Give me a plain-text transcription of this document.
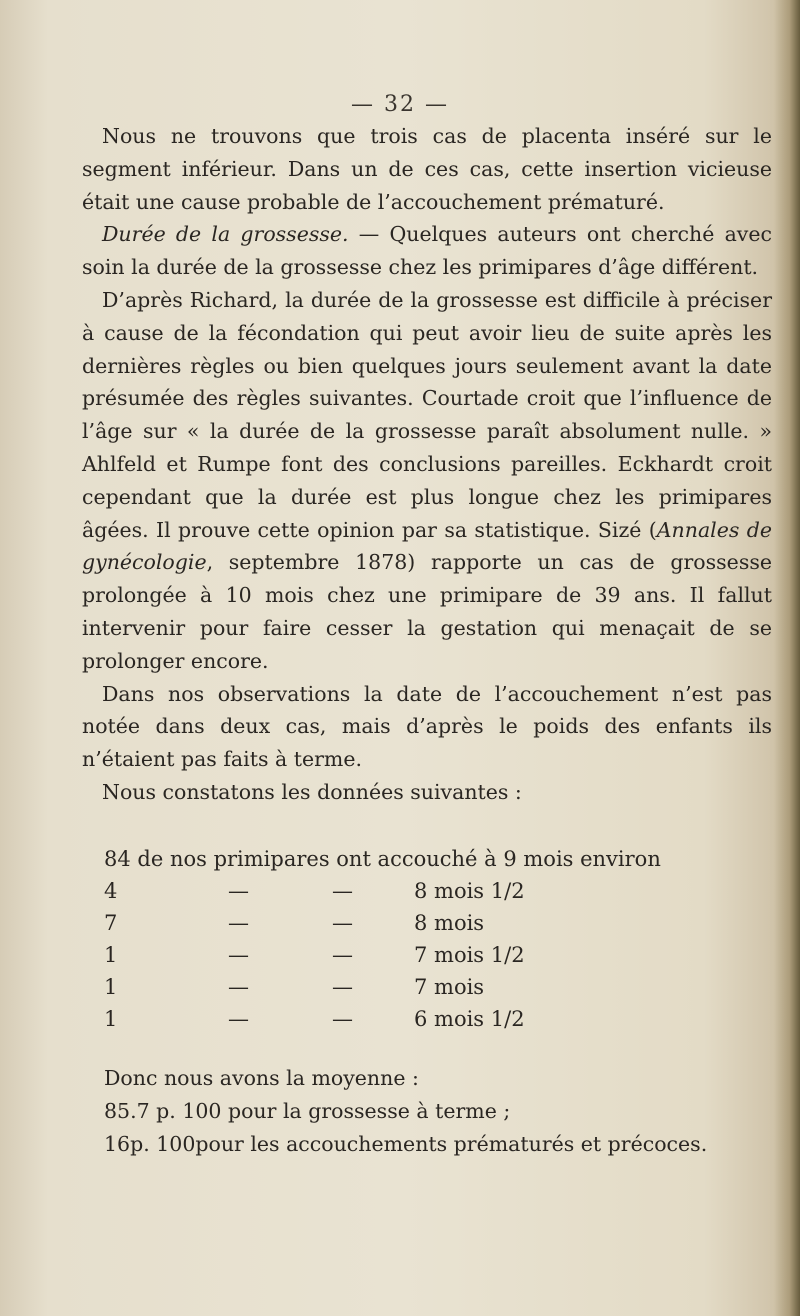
— 32 —

Nous ne trouvons que trois cas de placenta inséré sur le segment inférieur. Dans un de ces cas, cette insertion vicieuse était une cause probable de l’accouchement prématuré.

Durée de la grossesse. — Quelques auteurs ont cherché avec soin la durée de la grossesse chez les primipares d’âge différent.

D’après Richard, la durée de la grossesse est difficile à préciser à cause de la fécondation qui peut avoir lieu de suite après les dernières règles ou bien quelques jours seulement avant la date présumée des règles suivantes. Courtade croit que l’influence de l’âge sur « la durée de la grossesse paraît absolument nulle. » Ahlfeld et Rumpe font des conclusions pareilles. Eckhardt croit cependant que la durée est plus longue chez les primipares âgées. Il prouve cette opinion par sa statistique. Sizé (Annales de gynécologie, septembre 1878) rapporte un cas de grossesse prolongée à 10 mois chez une primipare de 39 ans. Il fallut intervenir pour faire cesser la gestation qui menaçait de se prolonger encore.

Dans nos observations la date de l’accouchement n’est pas notée dans deux cas, mais d’après le poids des enfants ils n’étaient pas faits à terme.

Nous constatons les données suivantes :

84 de nos primipares ont accouché à 9 mois environ
4	—	—	8 mois 1/2
7	—	—	8 mois
1	—	—	7 mois 1/2
1	—	—	7 mois
1	—	—	6 mois 1/2

Donc nous avons la moyenne :

85.7 p. 100 pour la grossesse à terme ;

16p. 100pour les accouchements prématurés et précoces.
